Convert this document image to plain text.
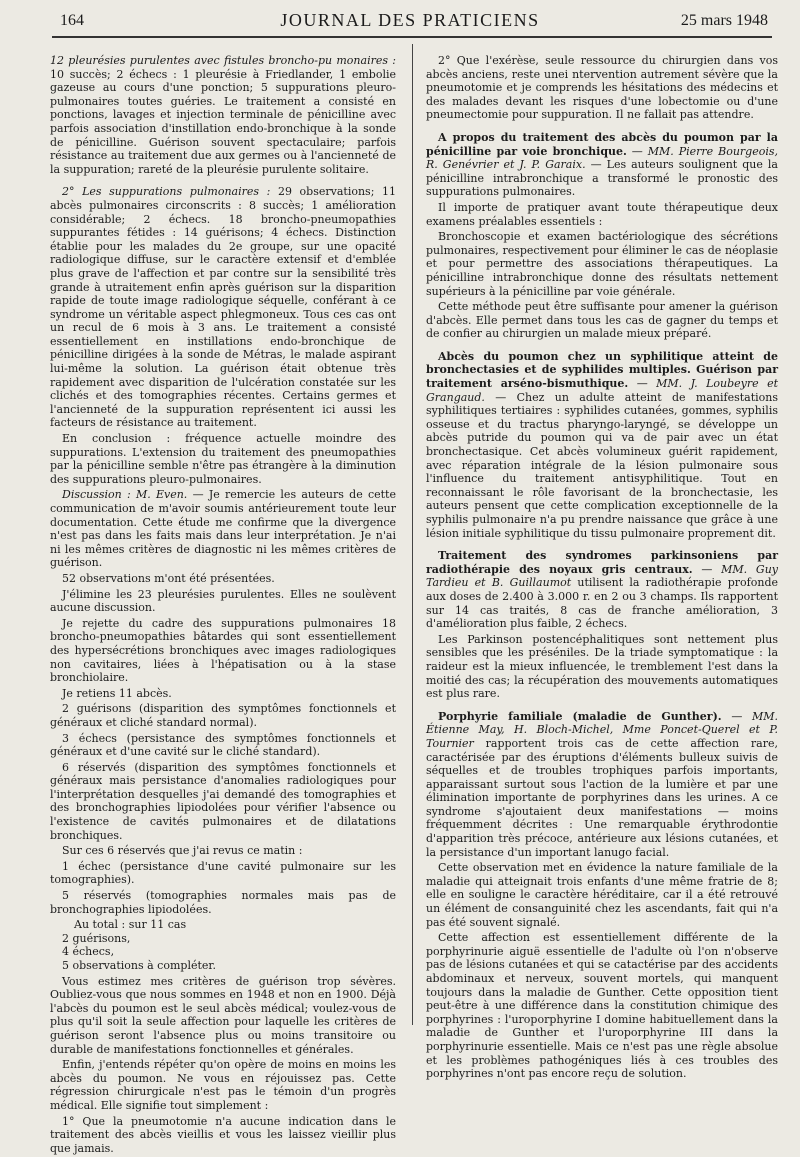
164	JOURNAL DES PRATICIENS	25 mars 1948

12 pleurésies purulentes avec fistules broncho-pu monaires : 10 succès; 2 échecs : 1 pleurésie à Friedlander, 1 embolie gazeuse au cours d'une ponction; 5 suppurations pleuro-pulmonaires toutes guéries. Le traitement a consisté en ponctions, lavages et injection terminale de pénicilline avec parfois association d'instillation endo-bronchique à la sonde de pénicilline. Guérison souvent spectaculaire; parfois résistance au traitement due aux germes ou à l'ancienneté de la suppuration; rareté de la pleurésie purulente solitaire.

2° Les suppurations pulmonaires : 29 observations; 11 abcès pulmonaires circonscrits : 8 succès; 1 amélioration considérable; 2 échecs. 18 broncho-pneumopathies suppurantes fétides : 14 guérisons; 4 échecs. Distinction établie pour les malades du 2e groupe, sur une opacité radiologique diffuse, sur le caractère extensif et d'emblée plus grave de l'affection et par contre sur la sensibilité très grande à utraitement enfin après guérison sur la disparition rapide de toute image radiologique séquelle, conférant à ce syndrome un véritable aspect phlegmoneux. Tous ces cas ont un recul de 6 mois à 3 ans. Le traitement a consisté essentiellement en instillations endo-bronchique de pénicilline dirigées à la sonde de Métras, le malade aspirant lui-même la solution. La guérison était obtenue très rapidement avec disparition de l'ulcération constatée sur les clichés et des tomographies récentes. Certains germes et l'ancienneté de la suppuration représentent ici aussi les facteurs de résistance au traitement.

En conclusion : fréquence actuelle moindre des suppurations. L'extension du traitement des pneumopathies par la pénicilline semble n'être pas étrangère à la diminution des suppurations pleuro-pulmonaires.

Discussion : M. Even. — Je remercie les auteurs de cette communication de m'avoir soumis antérieurement toute leur documentation. Cette étude me confirme que la divergence n'est pas dans les faits mais dans leur interprétation. Je n'ai ni les mêmes critères de diagnostic ni les mêmes critères de guérison.

52 observations m'ont été présentées.

J'élimine les 23 pleurésies purulentes. Elles ne soulèvent aucune discussion.

Je rejette du cadre des suppurations pulmonaires 18 broncho-pneumopathies bâtardes qui sont essentiellement des hypersécrétions bronchiques avec images radiologiques non cavitaires, liées à l'hépatisation ou à la stase bronchiolaire.

Je retiens 11 abcès.

2 guérisons (disparition des symptômes fonctionnels et généraux et cliché standard normal).

3 échecs (persistance des symptômes fonctionnels et généraux et d'une cavité sur le cliché standard).

6 réservés (disparition des symptômes fonctionnels et généraux mais persistance d'anomalies radiologiques pour l'interprétation desquelles j'ai demandé des tomographies et des bronchographies lipiodolées pour vérifier l'absence ou l'existence de cavités pulmonaires et de dilatations bronchiques.

Sur ces 6 réservés que j'ai revus ce matin :

1 échec (persistance d'une cavité pulmonaire sur les tomographies).

5 réservés (tomographies normales mais pas de bronchographies lipiodolées.

Au total : sur 11 cas

2 guérisons,

4 échecs,

5 observations à compléter.

Vous estimez mes critères de guérison trop sévères. Oubliez-vous que nous sommes en 1948 et non en 1900. Déjà l'abcès du poumon est le seul abcès médical; voulez-vous de plus qu'il soit la seule affection pour laquelle les critères de guérison seront l'absence plus ou moins transitoire ou durable de manifestations fonctionnelles et générales.

Enfin, j'entends répéter qu'on opère de moins en moins les abcès du poumon. Ne vous en réjouissez pas. Cette régression chirurgicale n'est pas le témoin d'un progrès médical. Elle signifie tout simplement :

1° Que la pneumotomie n'a aucune indication dans le traitement des abcès vieillis et vous les laissez vieillir plus que jamais.

2° Que l'exérèse, seule ressource du chirurgien dans vos abcès anciens, reste unei ntervention autrement sévère que la pneumotomie et je comprends les hésitations des médecins et des malades devant les risques d'une lobectomie ou d'une pneumectomie pour suppuration. Il ne fallait pas attendre.

A propos du traitement des abcès du poumon par la pénicilline par voie bronchique. — MM. Pierre Bourgeois, R. Genévrier et J. P. Garaix. — Les auteurs soulignent que la pénicilline intrabronchique a transformé le pronostic des suppurations pulmonaires.

Il importe de pratiquer avant toute thérapeutique deux examens préalables essentiels :

Bronchoscopie et examen bactériologique des sécrétions pulmonaires, respectivement pour éliminer le cas de néoplasie et pour permettre des associations thérapeutiques. La pénicilline intrabronchique donne des résultats nettement supérieurs à la pénicilline par voie générale.

Cette méthode peut être suffisante pour amener la guérison d'abcès. Elle permet dans tous les cas de gagner du temps et de confier au chirurgien un malade mieux préparé.

Abcès du poumon chez un syphilitique atteint de bronchectasies et de syphilides multiples. Guérison par traitement arséno-bismuthique. — MM. J. Loubeyre et Grangaud. — Chez un adulte atteint de manifestations syphilitiques tertiaires : syphilides cutanées, gommes, syphilis osseuse et du tractus pharyngo-laryngé, se développe un abcès putride du poumon qui va de pair avec un état bronchectasique. Cet abcès volumineux guérit rapidement, avec réparation intégrale de la lésion pulmonaire sous l'influence du traitement antisyphilitique. Tout en reconnaissant le rôle favorisant de la bronchectasie, les auteurs pensent que cette complication exceptionnelle de la syphilis pulmonaire n'a pu prendre naissance que grâce à une lésion initiale syphilitique du tissu pulmonaire proprement dit.

Traitement des syndromes parkinsoniens par radiothérapie des noyaux gris centraux. — MM. Guy Tardieu et B. Guillaumot utilisent la radiothérapie profonde aux doses de 2.400 à 3.000 r. en 2 ou 3 champs. Ils rapportent sur 14 cas traités, 8 cas de franche amélioration, 3 d'amélioration plus faible, 2 échecs.

Les Parkinson postencéphalitiques sont nettement plus sensibles que les préséniles. De la triade symptomatique : la raideur est la mieux influencée, le tremblement l'est dans la moitié des cas; la récupération des mouvements automatiques est plus rare.

Porphyrie familiale (maladie de Gunther). — MM. Étienne May, H. Bloch-Michel, Mme Poncet-Querel et P. Tournier rapportent trois cas de cette affection rare, caractérisée par des éruptions d'éléments bulleux suivis de séquelles et de troubles trophiques parfois importants, apparaissant surtout sous l'action de la lumière et par une élimination importante de porphyrines dans les urines. A ce syndrome s'ajoutaient deux manifestations — moins fréquemment décrites : Une remarquable érythrodontie d'apparition très précoce, antérieure aux lésions cutanées, et la persistance d'un important lanugo facial.

Cette observation met en évidence la nature familiale de la maladie qui atteignait trois enfants d'une même fratrie de 8; elle en souligne le caractère héréditaire, car il a été retrouvé un élément de consanguinité chez les ascendants, fait qui n'a pas été souvent signalé.

Cette affection est essentiellement différente de la porphyrinurie aiguë essentielle de l'adulte où l'on n'observe pas de lésions cutanées et qui se catactérise par des accidents abdominaux et nerveux, souvent mortels, qui manquent toujours dans la maladie de Gunther. Cette opposition tient peut-être à une différence dans la constitution chimique des porphyrines : l'uroporphyrine I domine habituellement dans la maladie de Gunther et l'uroporphyrine III dans la porphyrinurie essentielle. Mais ce n'est pas une règle absolue et les problèmes pathogéniques liés à ces troubles des porphyrines n'ont pas encore reçu de solution.
